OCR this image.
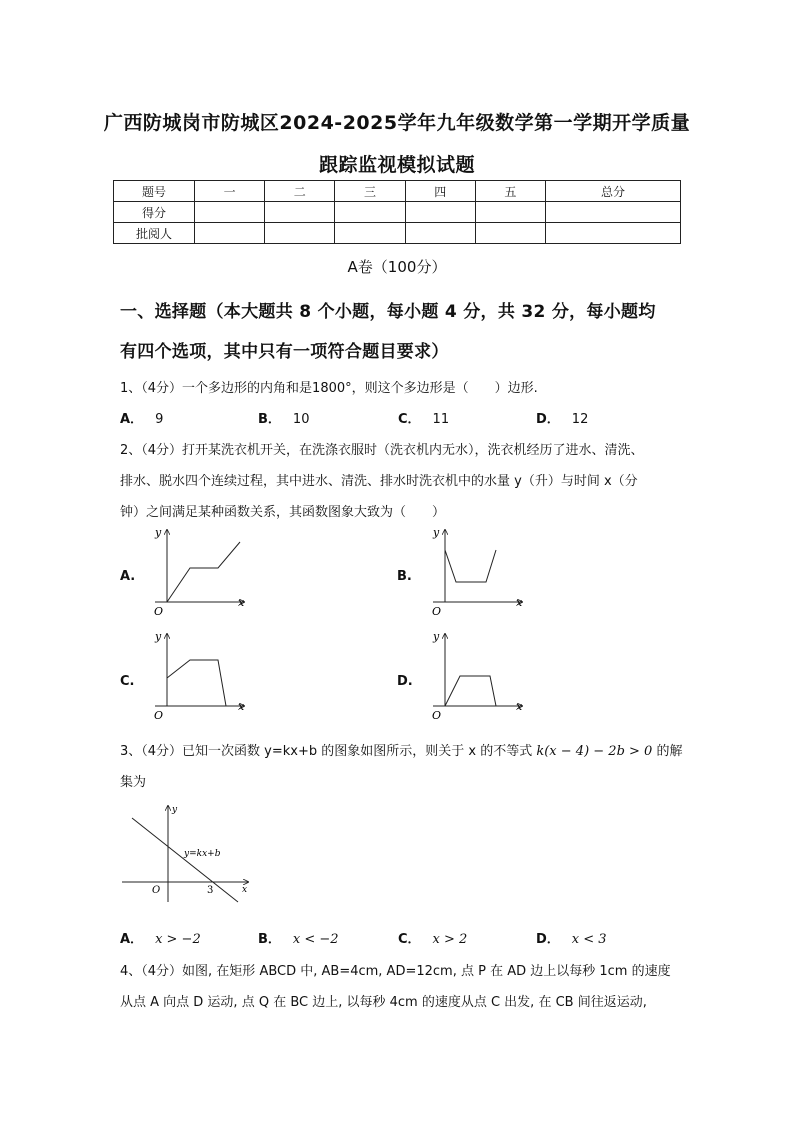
广西防城岗市防城区2024-2025学年九年级数学第一学期开学质量
跟踪监视模拟试题
题号	一	二	三	四	五	总分
得分						
批阅人						
A卷（100分）
一、选择题（本大题共 8 个小题，每小题 4 分，共 32 分，每小题均
有四个选项，其中只有一项符合题目要求）
1、（4分）一个多边形的内角和是1800°，则这个多边形是（　　）边形.
A． 9	B． 10	C． 11	D． 12
2、（4分）打开某洗衣机开关，在洗涤衣服时（洗衣机内无水），洗衣机经历了进水、清洗、
排水、脱水四个连续过程，其中进水、清洗、排水时洗衣机中的水量 y（升）与时间 x（分
钟）之间满足某种函数关系，其函数图象大致为（　　）
A.	B.
C.	D.
O
x
y
O
x
y
O
x
y
O
x
y
3、（4分）已知一次函数 y=kx+b 的图象如图所示，则关于 x 的不等式 k(x − 4) − 2b > 0 的解
集为
y=kx+b
O	3	x
y
A． x > −2	B． x < −2	C． x > 2	D． x < 3
4、（4分）如图, 在矩形 ABCD 中, AB=4cm, AD=12cm, 点 P 在 AD 边上以每秒 1cm 的速度
从点 A 向点 D 运动, 点 Q 在 BC 边上, 以每秒 4cm 的速度从点 C 出发, 在 CB 间往返运动,
